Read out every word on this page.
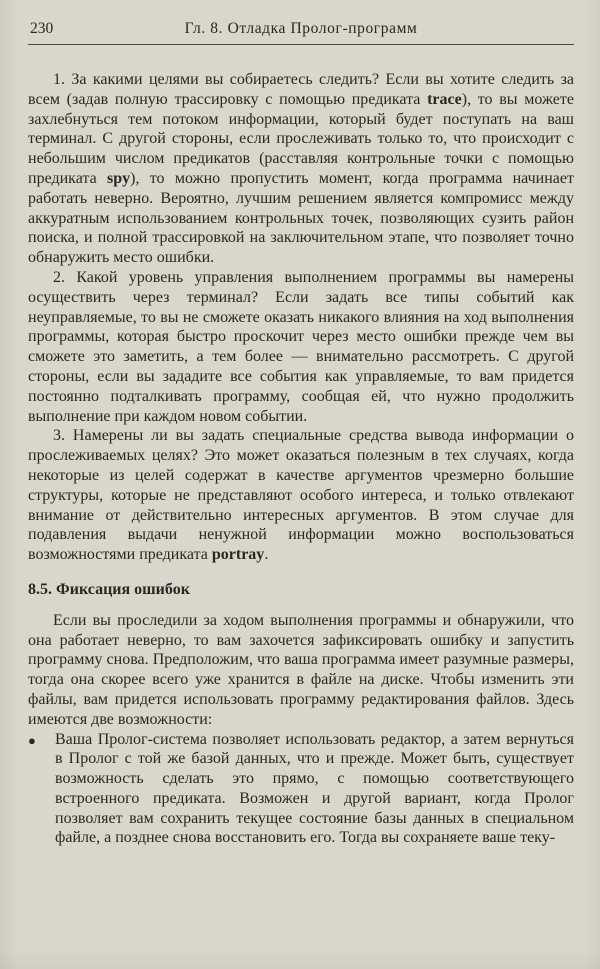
230	Гл. 8. Отладка Пролог-программ

1. За какими целями вы собираетесь следить? Если вы хотите следить за всем (задав полную трассировку с помощью предиката trace), то вы можете захлебнуться тем потоком информации, который будет поступать на ваш терминал. С другой стороны, если прослеживать только то, что происходит с небольшим числом предикатов (расставляя контрольные точки с помощью предиката spy), то можно пропустить момент, когда программа начинает работать неверно. Вероятно, лучшим решением является компромисс между аккуратным использованием контрольных точек, позволяющих сузить район поиска, и полной трассировкой на заключительном этапе, что позволяет точно обнаружить место ошибки.

2. Какой уровень управления выполнением программы вы намерены осуществить через терминал? Если задать все типы событий как неуправляемые, то вы не сможете оказать никакого влияния на ход выполнения программы, которая быстро проскочит через место ошибки прежде чем вы сможете это заметить, а тем более — внимательно рассмотреть. С другой стороны, если вы зададите все события как управляемые, то вам придется постоянно подталкивать программу, сообщая ей, что нужно продолжить выполнение при каждом новом событии.

3. Намерены ли вы задать специальные средства вывода информации о прослеживаемых целях? Это может оказаться полезным в тех случаях, когда некоторые из целей содержат в качестве аргументов чрезмерно большие структуры, которые не представляют особого интереса, и только отвлекают внимание от действительно интересных аргументов. В этом случае для подавления выдачи ненужной информации можно воспользоваться возможностями предиката portray.

8.5. Фиксация ошибок

Если вы проследили за ходом выполнения программы и обнаружили, что она работает неверно, то вам захочется зафиксировать ошибку и запустить программу снова. Предположим, что ваша программа имеет разумные размеры, тогда она скорее всего уже хранится в файле на диске. Чтобы изменить эти файлы, вам придется использовать программу редактирования файлов. Здесь имеются две возможности:

● Ваша Пролог-система позволяет использовать редактор, а затем вернуться в Пролог с той же базой данных, что и прежде. Может быть, существует возможность сделать это прямо, с помощью соответствующего встроенного предиката. Возможен и другой вариант, когда Пролог позволяет вам сохранить текущее состояние базы данных в специальном файле, а позднее снова восстановить его. Тогда вы сохраняете ваше теку-
